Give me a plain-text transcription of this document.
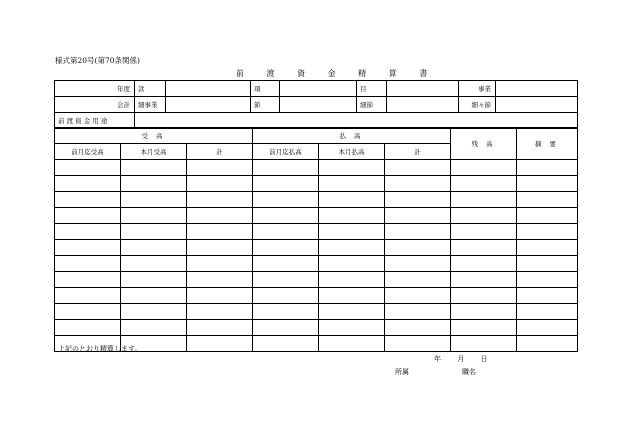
様式第20号(第70条関係)
前 渡 資 金 精 算 書
年度	款		項		目		事業	
会計	細事業		節		細節		細々節	
前 渡 資 金 用 途								
受 高			払 高			残 高	摘 要
前月迄受高	本月受高	計	前月迄払高	本月払高	計		

上記のとおり精算します。
年 月 日
所属	職名
